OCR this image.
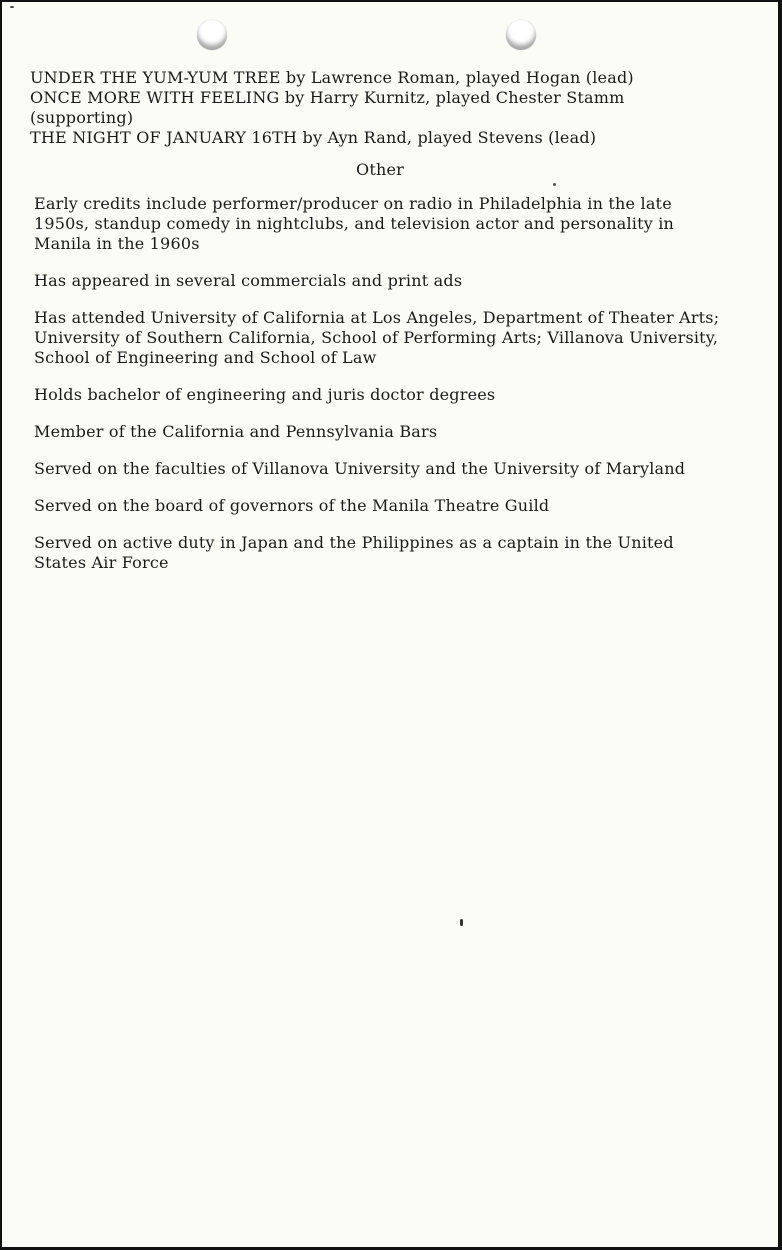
UNDER THE YUM-YUM TREE by Lawrence Roman, played Hogan (lead)

ONCE MORE WITH FEELING by Harry Kurnitz, played Chester Stamm (supporting)

THE NIGHT OF JANUARY 16TH by Ayn Rand, played Stevens (lead)

Other

Early credits include performer/producer on radio in Philadelphia in the late 1950s, standup comedy in nightclubs, and television actor and personality in Manila in the 1960s

Has appeared in several commercials and print ads

Has attended University of California at Los Angeles, Department of Theater Arts; University of Southern California, School of Performing Arts; Villanova University, School of Engineering and School of Law

Holds bachelor of engineering and juris doctor degrees

Member of the California and Pennsylvania Bars

Served on the faculties of Villanova University and the University of Maryland

Served on the board of governors of the Manila Theatre Guild

Served on active duty in Japan and the Philippines as a captain in the United States Air Force
